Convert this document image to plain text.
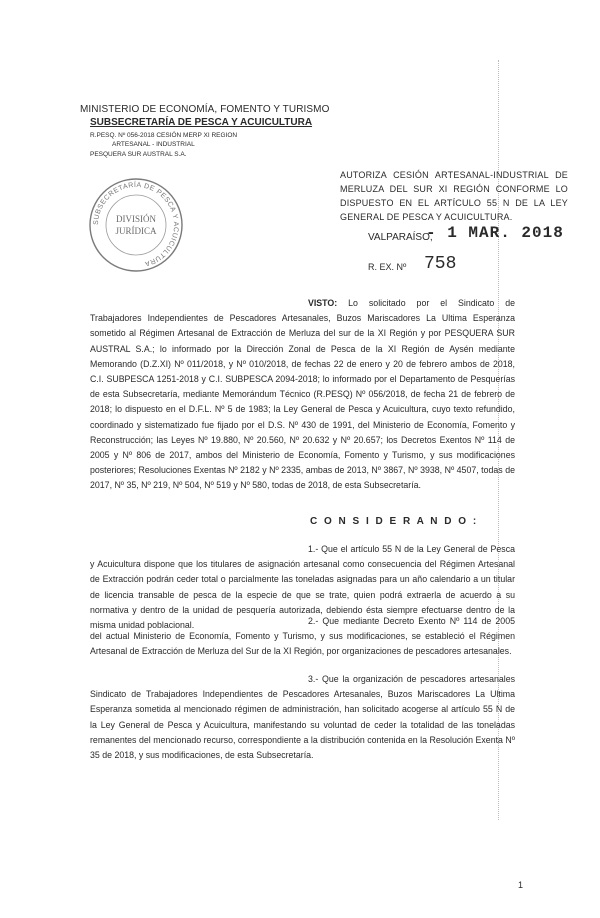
MINISTERIO DE ECONOMÍA, FOMENTO Y TURISMO
SUBSECRETARÍA DE PESCA Y ACUICULTURA
R.PESQ. Nº 056-2018 CESIÓN MERP XI REGION
ARTESANAL - INDUSTRIAL
PESQUERA SUR AUSTRAL S.A.
SUBSECRETARÍA DE PESCA Y ACUICULTURA
DIVISIÓN
JURÍDICA
AUTORIZA CESIÓN ARTESANAL-INDUSTRIAL DE MERLUZA DEL SUR XI REGIÓN CONFORME LO DISPUESTO EN EL ARTÍCULO 55 N DE LA LEY GENERAL DE PESCA Y ACUICULTURA.
VALPARAÍSO,
- 1 MAR. 2018
R. EX. Nº 758
VISTO: Lo solicitado por el Sindicato de Trabajadores Independientes de Pescadores Artesanales, Buzos Mariscadores La Ultima Esperanza sometido al Régimen Artesanal de Extracción de Merluza del sur de la XI Región y por PESQUERA SUR AUSTRAL S.A.; lo informado por la Dirección Zonal de Pesca de la XI Región de Aysén mediante Memorando (D.Z.XI) Nº 011/2018, y Nº 010/2018, de fechas 22 de enero y 20 de febrero ambos de 2018, C.I. SUBPESCA 1251-2018 y C.I. SUBPESCA 2094-2018; lo informado por el Departamento de Pesquerías de esta Subsecretaría, mediante Memorándum Técnico (R.PESQ) Nº 056/2018, de fecha 21 de febrero de 2018; lo dispuesto en el D.F.L. Nº 5 de 1983; la Ley General de Pesca y Acuicultura, cuyo texto refundido, coordinado y sistematizado fue fijado por el D.S. Nº 430 de 1991, del Ministerio de Economía, Fomento y Reconstrucción; las Leyes Nº 19.880, Nº 20.560, Nº 20.632 y Nº 20.657; los Decretos Exentos Nº 114 de 2005 y Nº 806 de 2017, ambos del Ministerio de Economía, Fomento y Turismo, y sus modificaciones posteriores; Resoluciones Exentas Nº 2182 y Nº 2335, ambas de 2013, Nº 3867, Nº 3938, Nº 4507, todas de 2017, Nº 35, Nº 219, Nº 504, Nº 519 y Nº 580, todas de 2018, de esta Subsecretaría.
C O N S I D E R A N D O :
1.- Que el artículo 55 N de la Ley General de Pesca y Acuicultura dispone que los titulares de asignación artesanal como consecuencia del Régimen Artesanal de Extracción podrán ceder total o parcialmente las toneladas asignadas para un año calendario a un titular de licencia transable de pesca de la especie de que se trate, quien podrá extraerla de acuerdo a su normativa y dentro de la unidad de pesquería autorizada, debiendo ésta siempre efectuarse dentro de la misma unidad poblacional.	2.- Que mediante Decreto Exento Nº 114 de 2005 del actual Ministerio de Economía, Fomento y Turismo, y sus modificaciones, se estableció el Régimen Artesanal de Extracción de Merluza del Sur de la XI Región, por organizaciones de pescadores artesanales.
3.- Que la organización de pescadores artesanales Sindicato de Trabajadores Independientes de Pescadores Artesanales, Buzos Mariscadores La Ultima Esperanza sometida al mencionado régimen de administración, han solicitado acogerse al artículo 55 N de la Ley General de Pesca y Acuicultura, manifestando su voluntad de ceder la totalidad de las toneladas remanentes del mencionado recurso, correspondiente a la distribución contenida en la Resolución Exenta Nº 35 de 2018, y sus modificaciones, de esta Subsecretaría.
1
